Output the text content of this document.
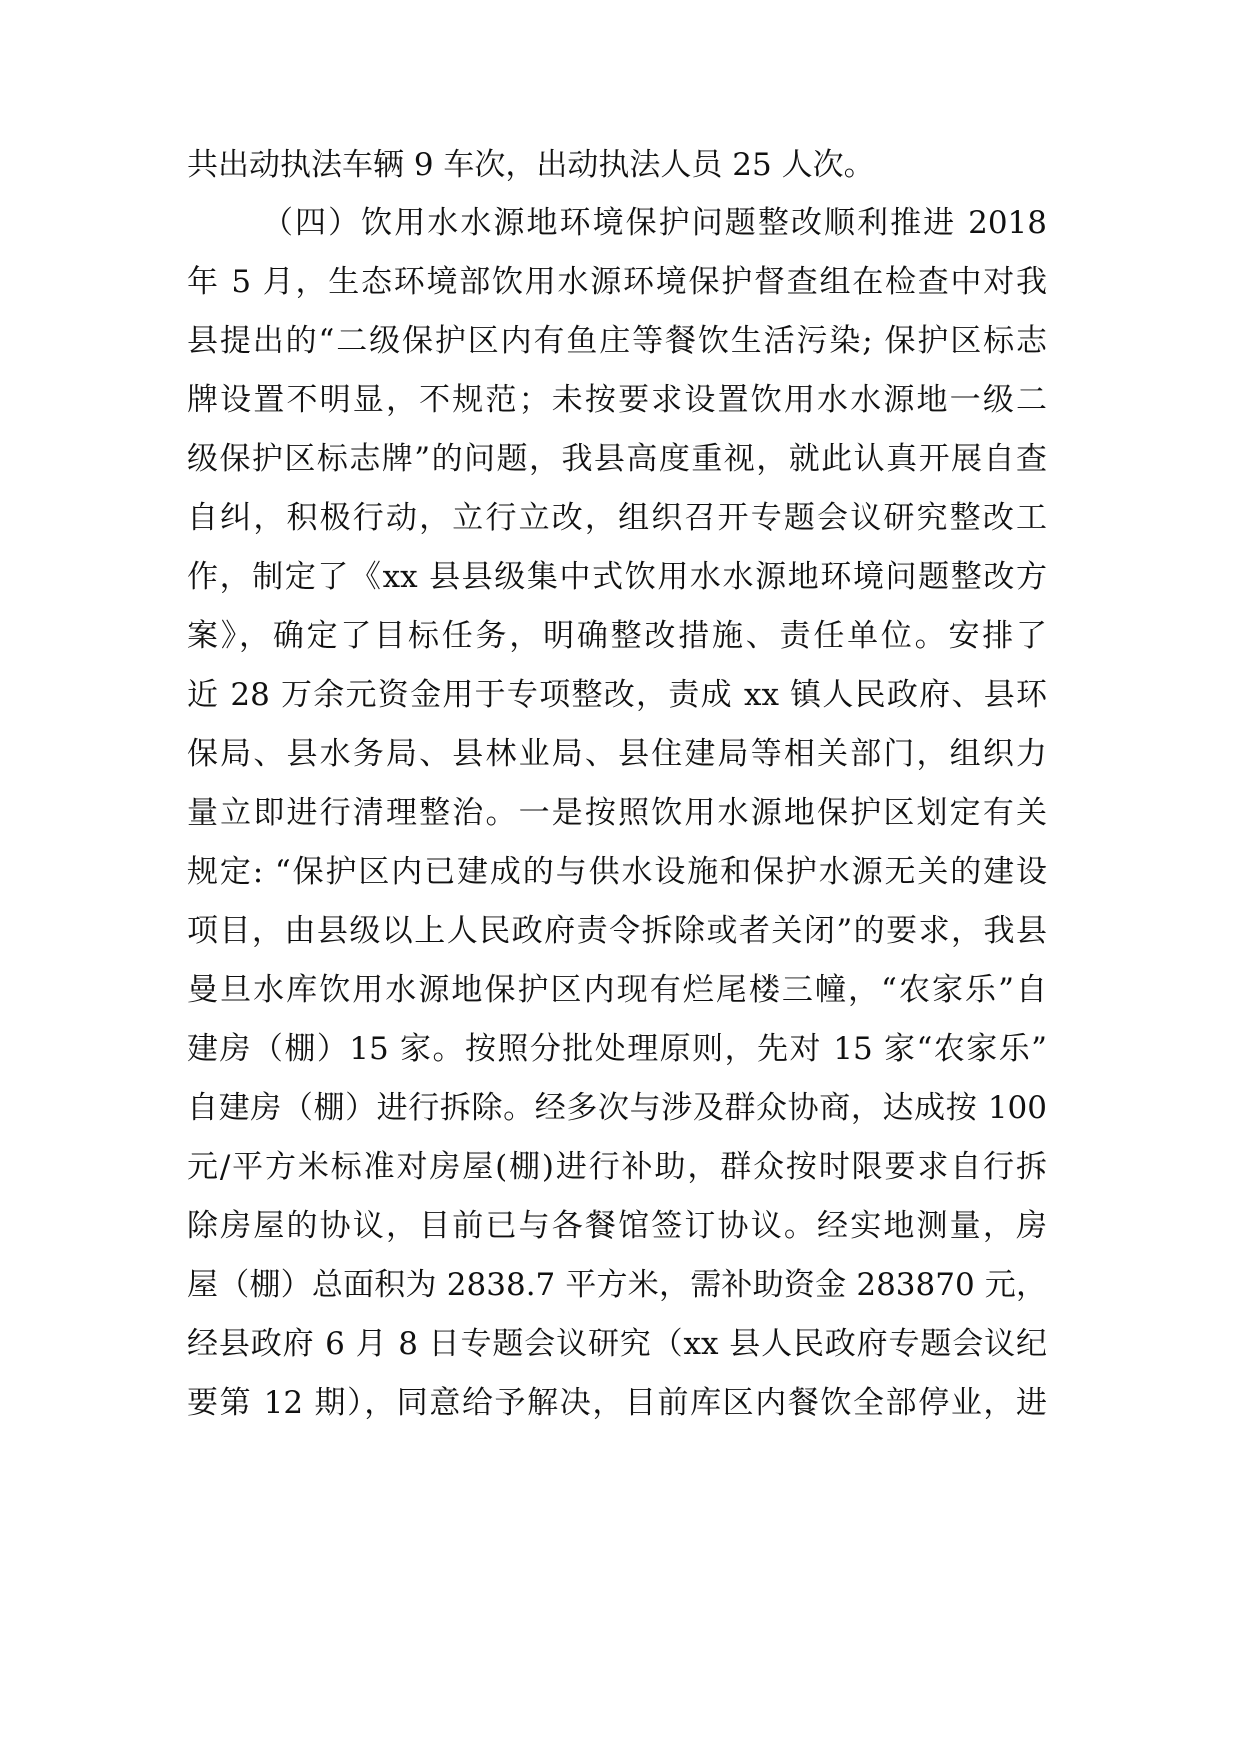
共出动执法车辆 9 车次，出动执法人员 25 人次。
（四）饮用水水源地环境保护问题整改顺利推进 2018
年 5 月，生态环境部饮用水源环境保护督查组在检查中对我
县提出的“二级保护区内有鱼庄等餐饮生活污染; 保护区标志
牌设置不明显，不规范；未按要求设置饮用水水源地一级二
级保护区标志牌”的问题，我县高度重视，就此认真开展自查
自纠，积极行动，立行立改，组织召开专题会议研究整改工
作，制定了《xx 县县级集中式饮用水水源地环境问题整改方
案》，确定了目标任务，明确整改措施、责任单位。安排了
近 28 万余元资金用于专项整改，责成 xx 镇人民政府、县环
保局、县水务局、县林业局、县住建局等相关部门，组织力
量立即进行清理整治。一是按照饮用水源地保护区划定有关
规定: “保护区内已建成的与供水设施和保护水源无关的建设
项目，由县级以上人民政府责令拆除或者关闭”的要求，我县
曼旦水库饮用水源地保护区内现有烂尾楼三幢，“农家乐”自
建房（棚）15 家。按照分批处理原则，先对 15 家“农家乐”
自建房（棚）进行拆除。经多次与涉及群众协商，达成按 100
元/平方米标准对房屋(棚)进行补助，群众按时限要求自行拆
除房屋的协议，目前已与各餐馆签订协议。经实地测量，房
屋（棚）总面积为 2838.7 平方米，需补助资金 283870 元，
经县政府 6 月 8 日专题会议研究（xx 县人民政府专题会议纪
要第 12 期），同意给予解决，目前库区内餐饮全部停业，进
